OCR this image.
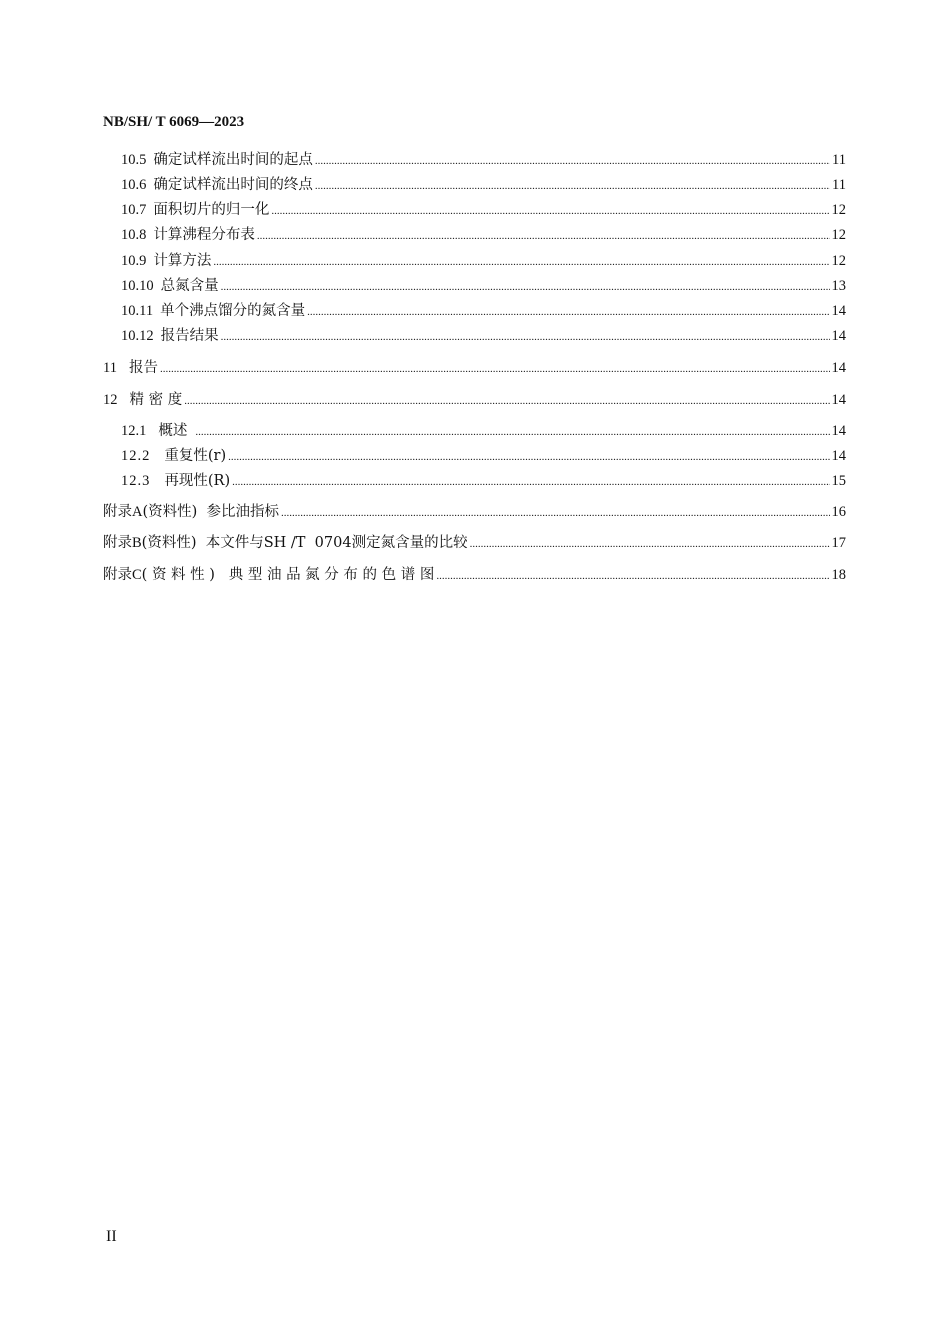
NB/SH/ T 6069—2023
10.5 确定试样流出时间的起点 .....	11
10.6 确定试样流出时间的终点 .....	11
10.7 面积切片的归一化 .....	12
10.8 计算沸程分布表 .....	12
10.9 计算方法 .....	12
10.10 总氮含量 .....	13
10.11 单个沸点馏分的氮含量 .....	14
10.12 报告结果 .....	14
11 报告 .....	14
12 精 密 度 .....	14
12.1 概述 .....	14
12.2 重复性(r) .....	14
12.3 再现性(R) .....	15
附录A (资料性)  参比油指标 .....	16
附录B (资料性)  本文件与SH /T  0704测定氮含量的比较 .....	17
附录C ( 资 料 性 )   典 型 油 品 氮 分 布 的 色 谱 图 .....	18
II
